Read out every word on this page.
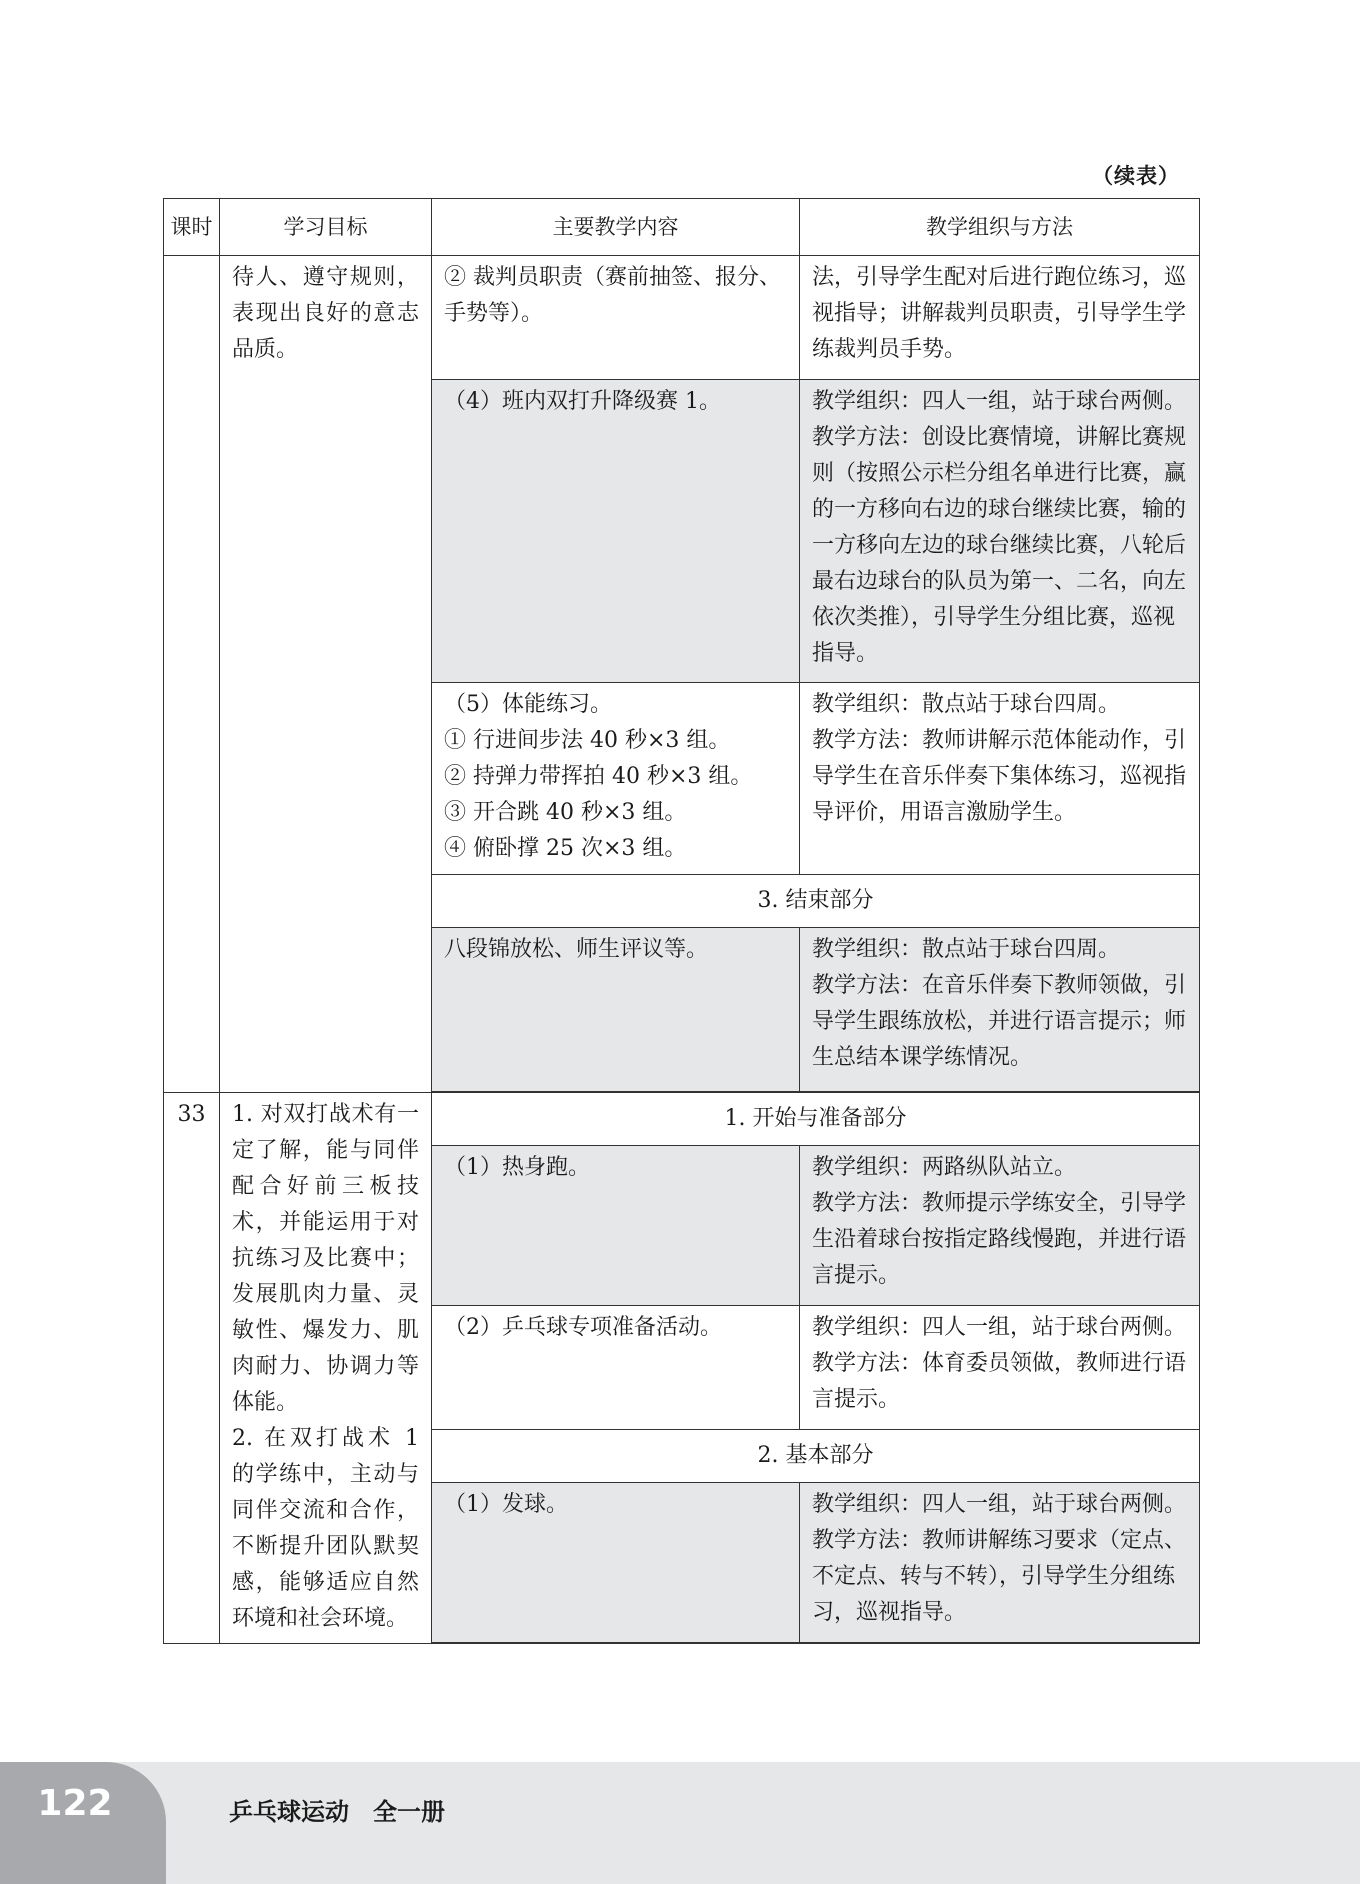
（续表）
课时	学习目标	主要教学内容	教学组织与方法
	待人、遵守规则，表现出良好的意志品质。	② 裁判员职责（赛前抽签、报分、手势等）。	法，引导学生配对后进行跑位练习，巡视指导；讲解裁判员职责，引导学生学练裁判员手势。
		（4）班内双打升降级赛 1。	教学组织：四人一组，站于球台两侧。
教学方法：创设比赛情境，讲解比赛规则（按照公示栏分组名单进行比赛，赢的一方移向右边的球台继续比赛，输的一方移向左边的球台继续比赛，八轮后最右边球台的队员为第一、二名，向左依次类推），引导学生分组比赛，巡视指导。
		（5）体能练习。
① 行进间步法 40 秒×3 组。
② 持弹力带挥拍 40 秒×3 组。
③ 开合跳 40 秒×3 组。
④ 俯卧撑 25 次×3 组。	教学组织：散点站于球台四周。
教学方法：教师讲解示范体能动作，引导学生在音乐伴奏下集体练习，巡视指导评价，用语言激励学生。
		3. 结束部分	
		八段锦放松、师生评议等。	教学组织：散点站于球台四周。
教学方法：在音乐伴奏下教师领做，引导学生跟练放松，并进行语言提示；师生总结本课学练情况。

33	1. 对双打战术有一定了解，能与同伴配合好前三板技术，并能运用于对抗练习及比赛中；发展肌肉力量、灵敏性、爆发力、肌肉耐力、协调力等体能。
2. 在双打战术 1 的学练中，主动与同伴交流和合作，不断提升团队默契感，能够适应自然环境和社会环境。	1. 开始与准备部分	
		（1）热身跑。	教学组织：两路纵队站立。
教学方法：教师提示学练安全，引导学生沿着球台按指定路线慢跑，并进行语言提示。
		（2）乒乓球专项准备活动。	教学组织：四人一组，站于球台两侧。
教学方法：体育委员领做，教师进行语言提示。
		2. 基本部分	
		（1）发球。	教学组织：四人一组，站于球台两侧。
教学方法：教师讲解练习要求（定点、不定点、转与不转），引导学生分组练习，巡视指导。

122	乒乓球运动　全一册
